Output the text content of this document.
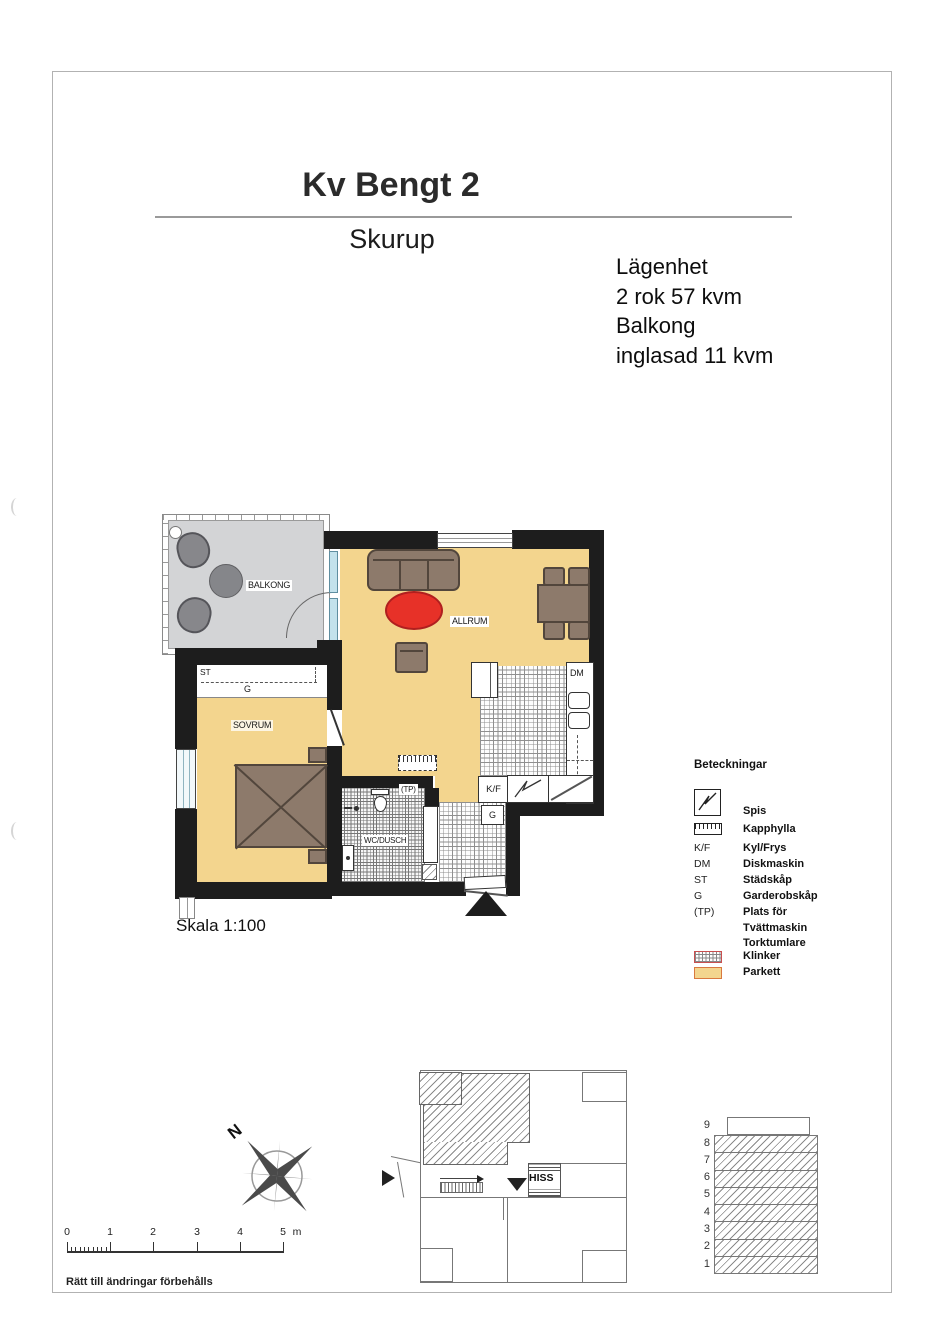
Kv Bengt 2
Skurup
Lägenhet
2 rok 57 kvm
Balkong
inglasad 11 kvm
BALKONG
ST
G
ALLRUM
DM
K/F
G
(TP)
WC/DUSCH
SOVRUM
Skala 1:100
Beteckningar
Spis
Kapphylla
K/F	Kyl/Frys
DM	Diskmaskin
ST	Städskåp
G	Garderobskåp
(TP)	Plats för
Tvättmaskin
Torktumlare
Klinker
Parkett
N
HISS
9
8
7
6
5
4
3
2
1
0	1	2	3	4	5 m
Rätt till ändringar förbehålls
